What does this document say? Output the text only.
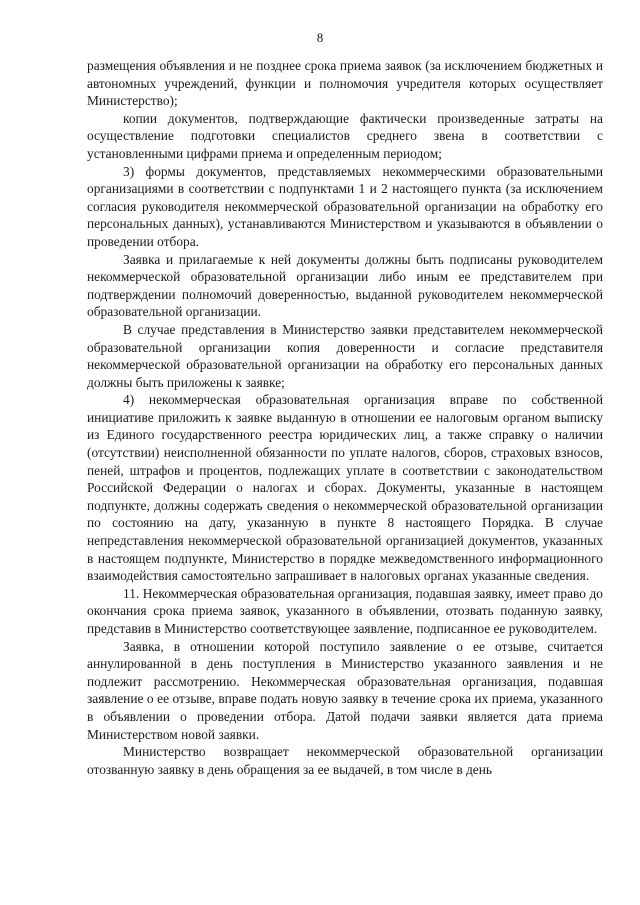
8

размещения объявления и не позднее срока приема заявок (за исключением бюджетных и автономных учреждений, функции и полномочия учредителя которых осуществляет Министерство);

копии документов, подтверждающие фактически произведенные затраты на осуществление подготовки специалистов среднего звена в соответствии с установленными цифрами приема и определенным периодом;

3) формы документов, представляемых некоммерческими образовательными организациями в соответствии с подпунктами 1 и 2 настоящего пункта (за исключением согласия руководителя некоммерческой образовательной организации на обработку его персональных данных), устанавливаются Министерством и указываются в объявлении о проведении отбора.

Заявка и прилагаемые к ней документы должны быть подписаны руководителем некоммерческой образовательной организации либо иным ее представителем при подтверждении полномочий доверенностью, выданной руководителем некоммерческой образовательной организации.

В случае представления в Министерство заявки представителем некоммерческой образовательной организации копия доверенности и согласие представителя некоммерческой образовательной организации на обработку его персональных данных должны быть приложены к заявке;

4) некоммерческая образовательная организация вправе по собственной инициативе приложить к заявке выданную в отношении ее налоговым органом выписку из Единого государственного реестра юридических лиц, а также справку о наличии (отсутствии) неисполненной обязанности по уплате налогов, сборов, страховых взносов, пеней, штрафов и процентов, подлежащих уплате в соответствии с законодательством Российской Федерации о налогах и сборах. Документы, указанные в настоящем подпункте, должны содержать сведения о некоммерческой образовательной организации по состоянию на дату, указанную в пункте 8 настоящего Порядка. В случае непредставления некоммерческой образовательной организацией документов, указанных в настоящем подпункте, Министерство в порядке межведомственного информационного взаимодействия самостоятельно запрашивает в налоговых органах указанные сведения.

11. Некоммерческая образовательная организация, подавшая заявку, имеет право до окончания срока приема заявок, указанного в объявлении, отозвать поданную заявку, представив в Министерство соответствующее заявление, подписанное ее руководителем.

Заявка, в отношении которой поступило заявление о ее отзыве, считается аннулированной в день поступления в Министерство указанного заявления и не подлежит рассмотрению. Некоммерческая образовательная организация, подавшая заявление о ее отзыве, вправе подать новую заявку в течение срока их приема, указанного в объявлении о проведении отбора. Датой подачи заявки является дата приема Министерством новой заявки.

Министерство возвращает некоммерческой образовательной организации отозванную заявку в день обращения за ее выдачей, в том числе в день
